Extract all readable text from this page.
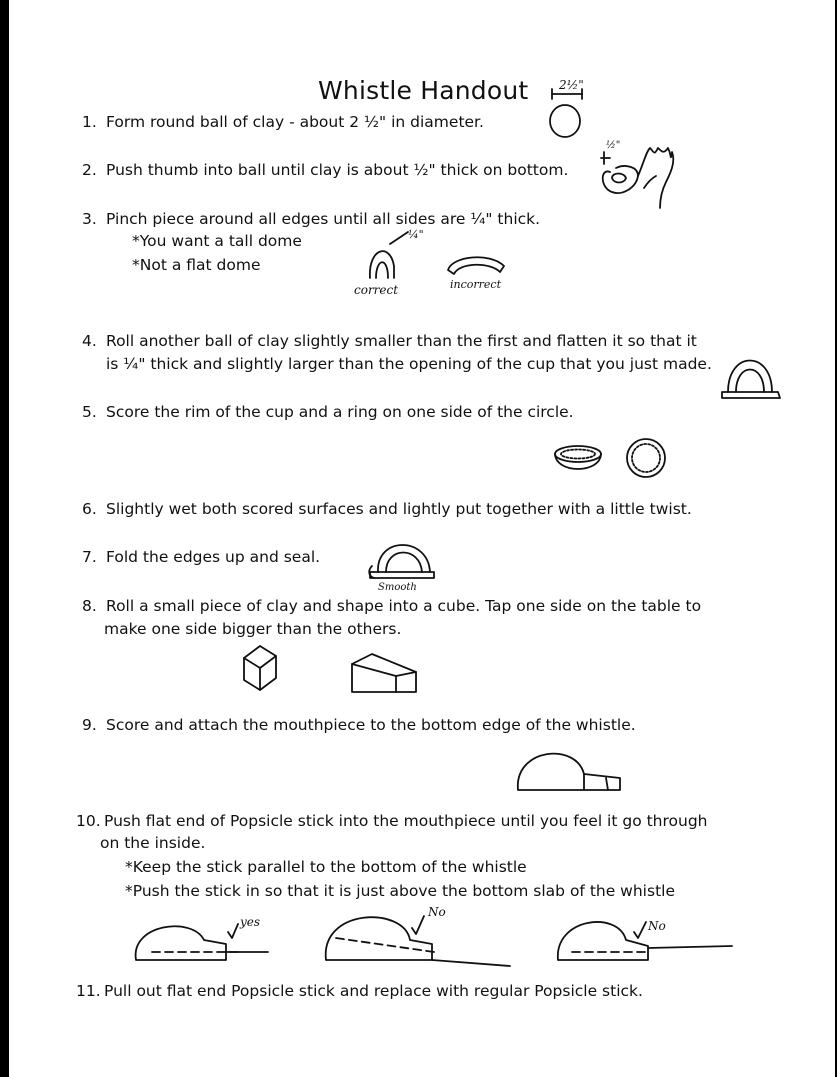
Whistle Handout
1. Form round ball of clay - about 2 ½" in diameter.
2½"
2. Push thumb into ball until clay is about ½" thick on bottom.
½"
3. Pinch piece around all edges until all sides are ¼" thick.
*You want a tall dome
*Not a flat dome
¼"
correct	incorrect
4. Roll another ball of clay slightly smaller than the first and flatten it so that it
is ¼" thick and slightly larger than the opening of the cup that you just made.
5. Score the rim of the cup and a ring on one side of the circle.
6. Slightly wet both scored surfaces and lightly put together with a little twist.
7. Fold the edges up and seal.
Smooth
8. Roll a small piece of clay and shape into a cube. Tap one side on the table to
make one side bigger than the others.
9. Score and attach the mouthpiece to the bottom edge of the whistle.
10. Push flat end of Popsicle stick into the mouthpiece until you feel it go through
on the inside.
*Keep the stick parallel to the bottom of the whistle
*Push the stick in so that it is just above the bottom slab of the whistle
yes
No
No
11. Pull out flat end Popsicle stick and replace with regular Popsicle stick.
